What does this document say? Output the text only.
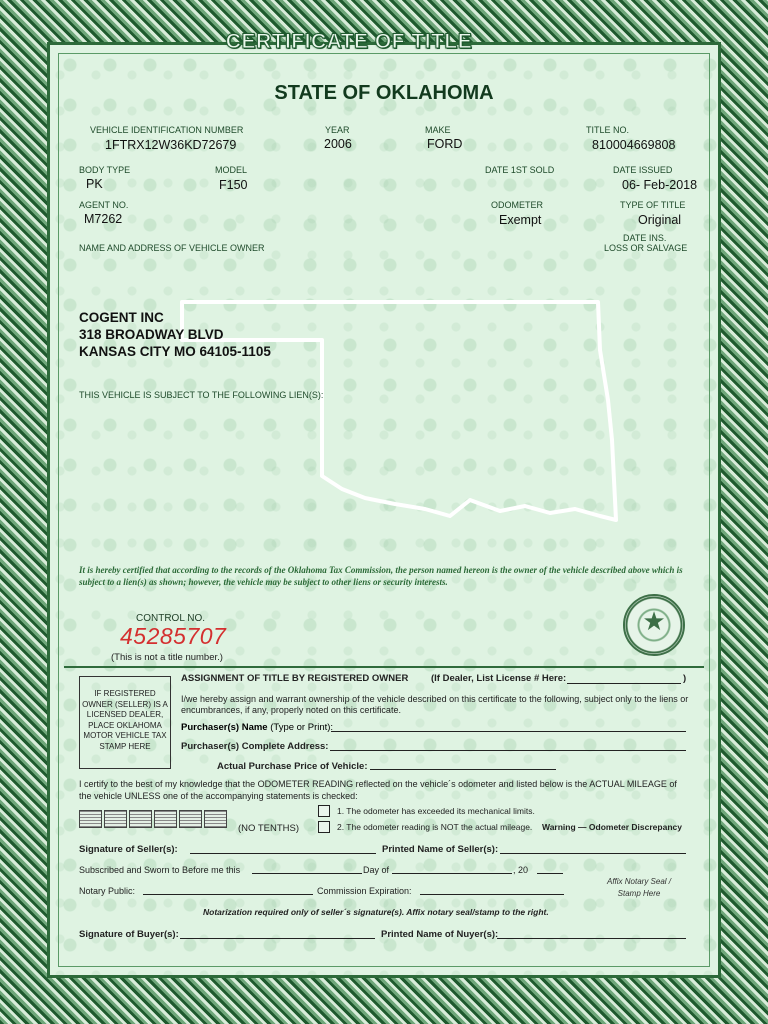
CERTIFICATE OF TITLE
STATE OF OKLAHOMA
VEHICLE IDENTIFICATION NUMBER
1FTRX12W36KD72679
YEAR
2006
MAKE
FORD
TITLE NO.
810004669808
BODY TYPE
PK
MODEL
F150
DATE 1ST SOLD	DATE ISSUED
06- Feb-2018
AGENT NO.
M7262
ODOMETER
Exempt
TYPE OF TITLE
Original
DATE INS.
NAME AND ADDRESS OF VEHICLE OWNER	LOSS OR SALVAGE
COGENT INC
318 BROADWAY BLVD
KANSAS CITY MO 64105-1105
THIS VEHICLE IS SUBJECT TO THE FOLLOWING LIEN(S):
It is hereby certified that according to the records of the Oklahoma Tax Commission, the person named hereon is the owner of the vehicle described above which is subject to a lien(s) as shown; however, the vehicle may be subject to other liens or security interests.
CONTROL NO.
45285707
(This is not a title number.)
★
IF REGISTERED OWNER (SELLER) IS A LICENSED DEALER, PLACE OKLAHOMA MOTOR VEHICLE TAX STAMP HERE
ASSIGNMENT OF TITLE BY REGISTERED OWNER (If Dealer, List License # Here:	)
I/we hereby assign and warrant ownership of the vehicle described on this certificate to the following, subject only to the liens or encumbrances, if any, properly noted on this certificate.
Purchaser(s) Name (Type or Print):
Purchaser(s) Complete Address:
Actual Purchase Price of Vehicle:
I certify to the best of my knowledge that the ODOMETER READING reflected on the vehicle´s odometer and listed below is the ACTUAL MILEAGE of the vehicle UNLESS one of the accompanying statements is checked:
(NO TENTHS)
1. The odometer has exceeded its mechanical limits.
2. The odometer reading is NOT the actual mileage. Warning — Odometer Discrepancy
Signature of Seller(s):	Printed Name of Seller(s):
Subscribed and Sworn to Before me this	Day of	, 20
Notary Public:	Commission Expiration:
Affix Notary Seal / Stamp Here
Notarization required only of seller´s signature(s). Affix notary seal/stamp to the right.
Signature of Buyer(s):	Printed Name of Nuyer(s):
